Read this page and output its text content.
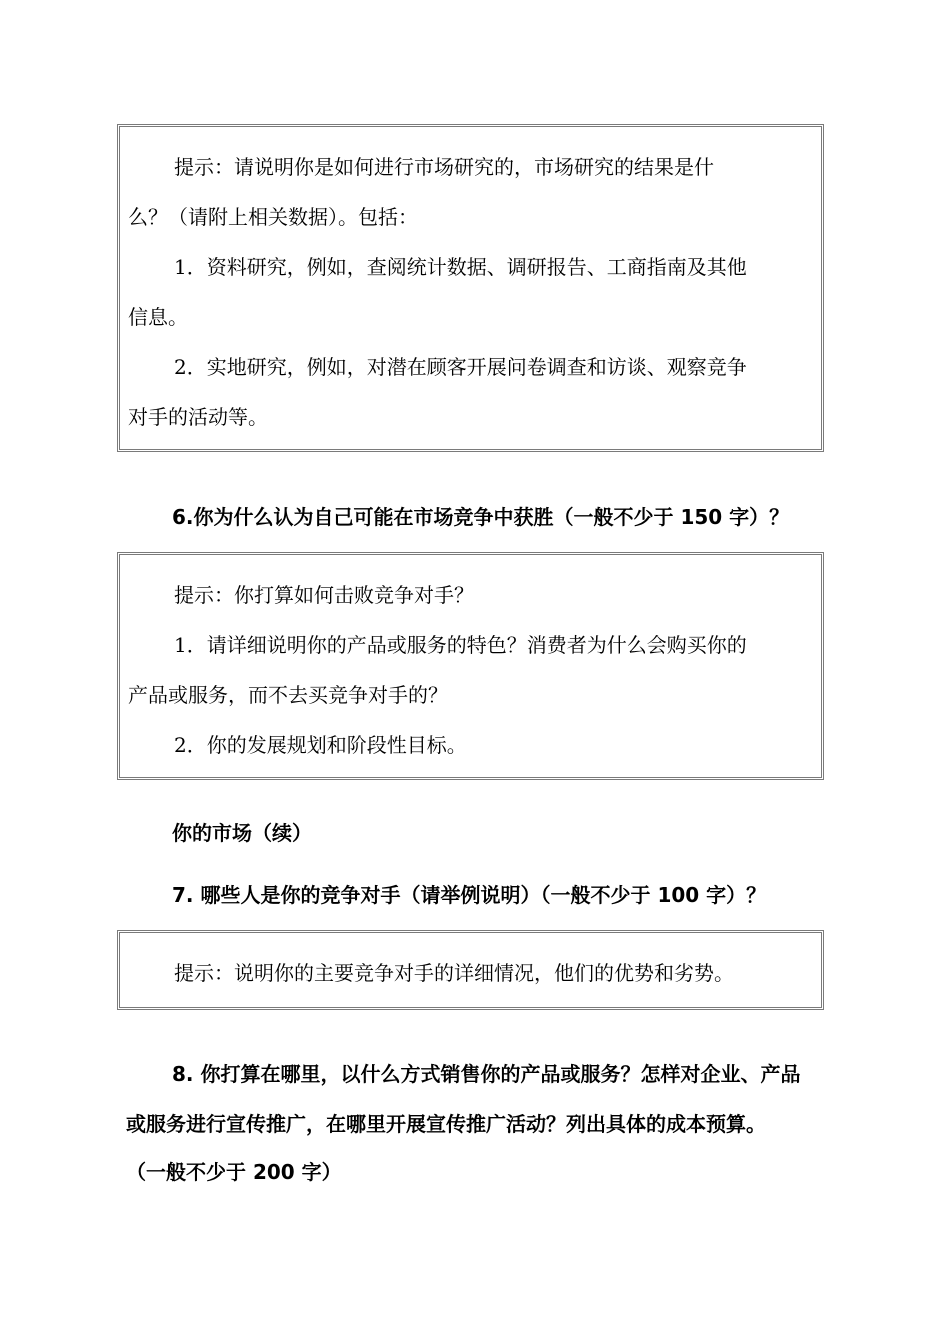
提示：请说明你是如何进行市场研究的，市场研究的结果是什

么？（请附上相关数据）。包括：

1．资料研究，例如，查阅统计数据、调研报告、工商指南及其他

信息。

2．实地研究，例如，对潜在顾客开展问卷调查和访谈、观察竞争

对手的活动等。

6.你为什么认为自己可能在市场竞争中获胜（一般不少于 150 字）？

提示：你打算如何击败竞争对手？

1．请详细说明你的产品或服务的特色？消费者为什么会购买你的

产品或服务，而不去买竞争对手的？

2．你的发展规划和阶段性目标。

你的市场（续）

7. 哪些人是你的竞争对手（请举例说明）（一般不少于 100 字）？

提示：说明你的主要竞争对手的详细情况，他们的优势和劣势。

8. 你打算在哪里，以什么方式销售你的产品或服务？怎样对企业、产品

或服务进行宣传推广，在哪里开展宣传推广活动？列出具体的成本预算。

（一般不少于 200 字）
